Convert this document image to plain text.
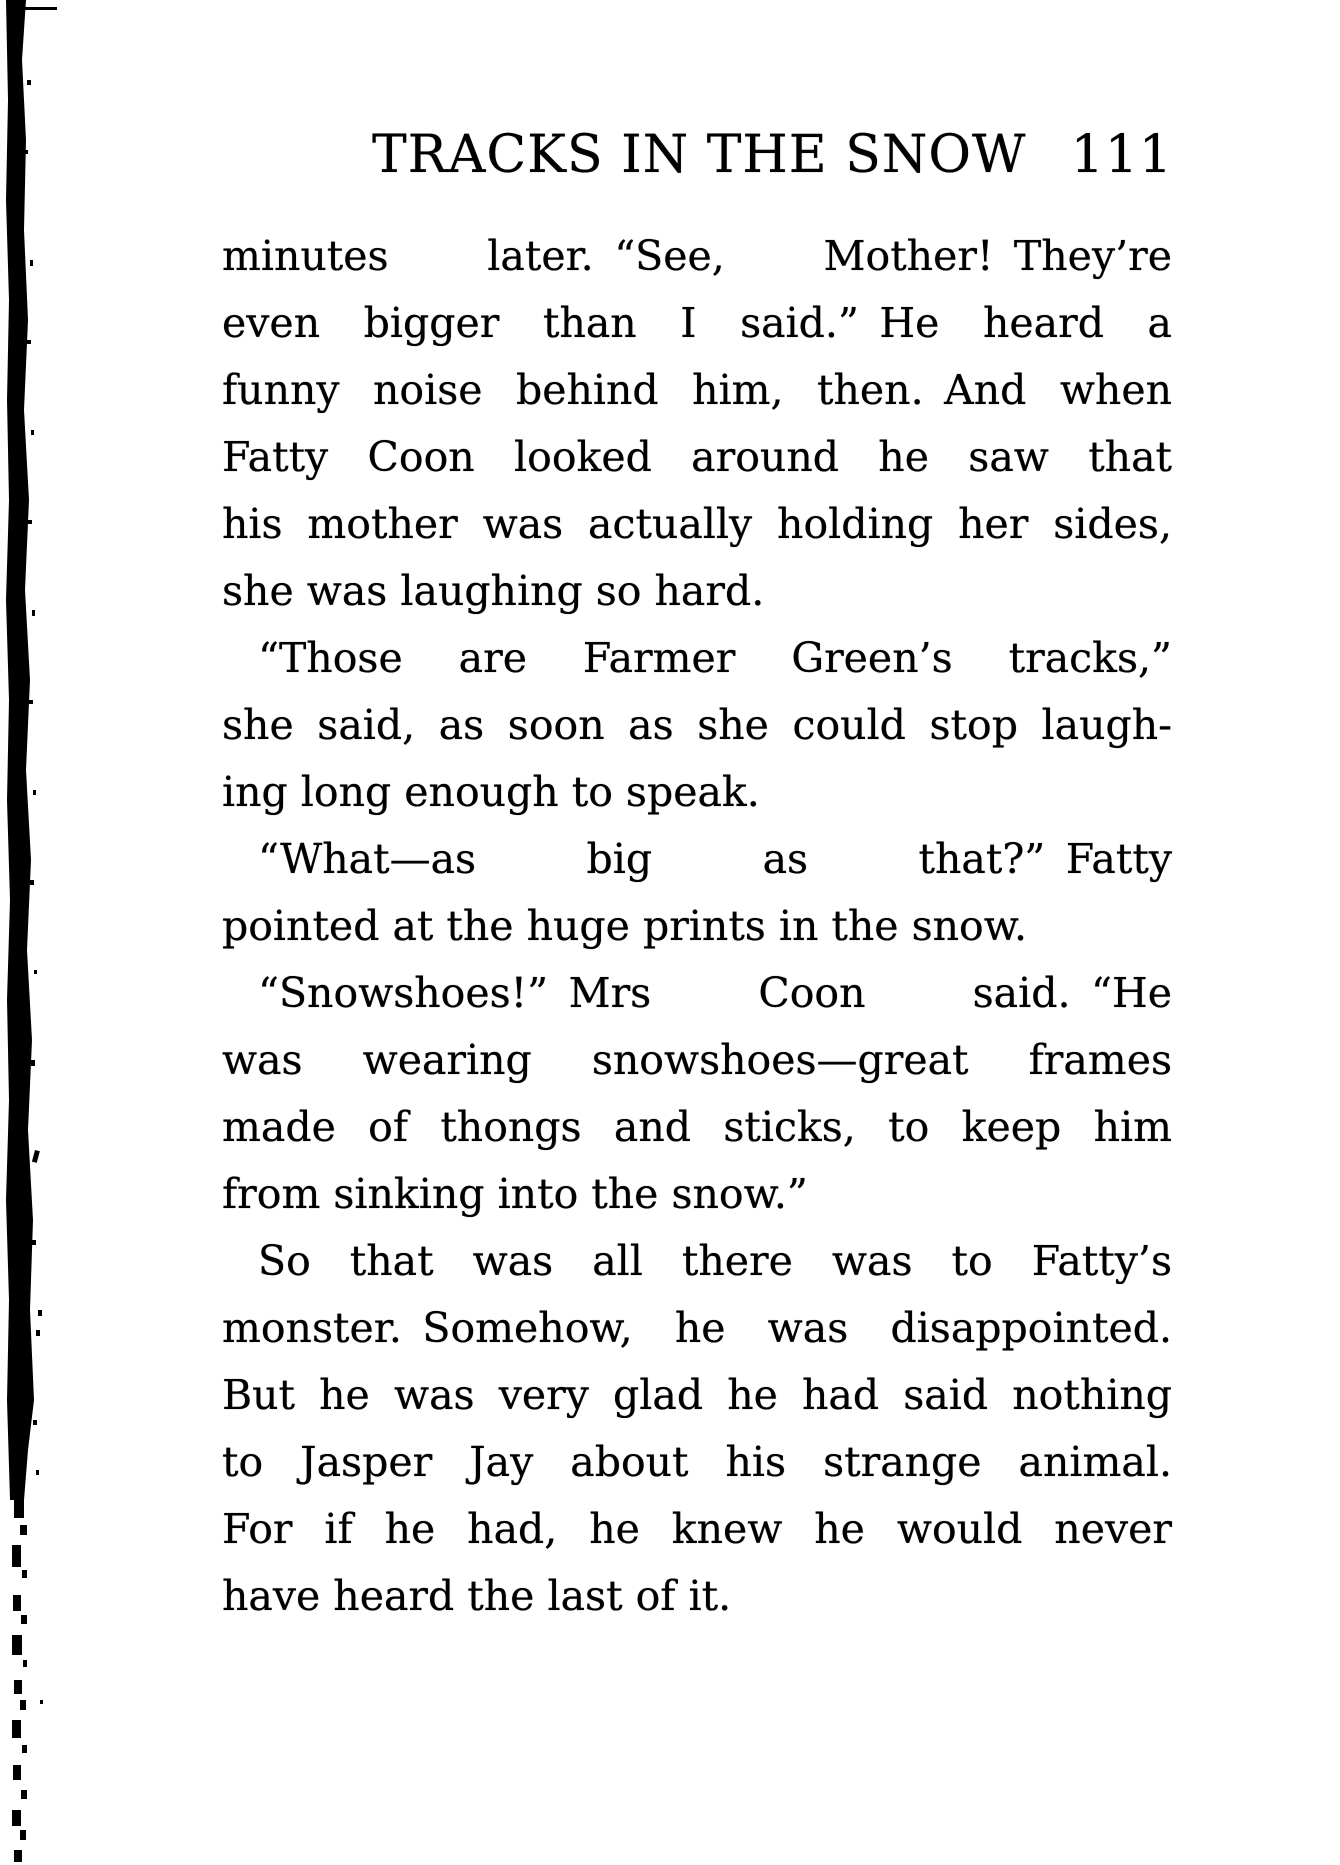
TRACKS IN THE SNOW 111
minutes later. “See, Mother! They’re
even bigger than I said.” He heard a
funny noise behind him, then. And when
Fatty Coon looked around he saw that
his mother was actually holding her sides,
she was laughing so hard.
“Those are Farmer Green’s tracks,”
she said, as soon as she could stop laugh-
ing long enough to speak.
“What—as big as that?” Fatty
pointed at the huge prints in the snow.
“Snowshoes!” Mrs Coon said. “He
was wearing snowshoes—great frames
made of thongs and sticks, to keep him
from sinking into the snow.”
So that was all there was to Fatty’s
monster. Somehow, he was disappointed.
But he was very glad he had said nothing
to Jasper Jay about his strange animal.
For if he had, he knew he would never
have heard the last of it.
